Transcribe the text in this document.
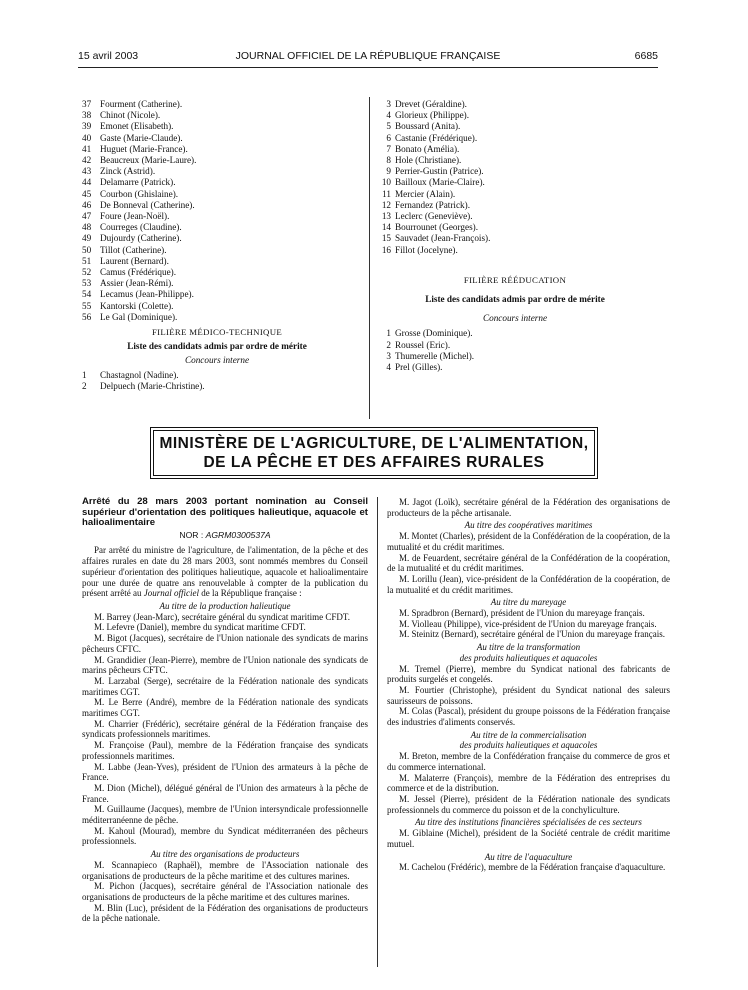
15 avril 2003	JOURNAL OFFICIEL DE LA RÉPUBLIQUE FRANÇAISE	6685
37 Fourment (Catherine).
38 Chinot (Nicole).
39 Emonet (Elisabeth).
40 Gaste (Marie-Claude).
41 Huguet (Marie-France).
42 Beaucreux (Marie-Laure).
43 Zinck (Astrid).
44 Delamarre (Patrick).
45 Courbon (Ghislaine).
46 De Bonneval (Catherine).
47 Foure (Jean-Noël).
48 Courreges (Claudine).
49 Dujourdy (Catherine).
50 Tillot (Catherine).
51 Laurent (Bernard).
52 Camus (Frédérique).
53 Assier (Jean-Rémi).
54 Lecamus (Jean-Philippe).
55 Kantorski (Colette).
56 Le Gal (Dominique).
FILIÈRE MÉDICO-TECHNIQUE
Liste des candidats admis par ordre de mérite
Concours interne
1 Chastagnol (Nadine).
2 Delpuech (Marie-Christine).
3 Drevet (Géraldine).
4 Glorieux (Philippe).
5 Boussard (Anita).
6 Castanie (Frédérique).
7 Bonato (Amélia).
8 Hole (Christiane).
9 Perrier-Gustin (Patrice).
10 Bailloux (Marie-Claire).
11 Mercier (Alain).
12 Fernandez (Patrick).
13 Leclerc (Geneviève).
14 Bourrounet (Georges).
15 Sauvadet (Jean-François).
16 Fillot (Jocelyne).
FILIÈRE RÉÉDUCATION
Liste des candidats admis par ordre de mérite
Concours interne
1 Grosse (Dominique).
2 Roussel (Eric).
3 Thumerelle (Michel).
4 Prel (Gilles).
MINISTÈRE DE L'AGRICULTURE, DE L'ALIMENTATION,
DE LA PÊCHE ET DES AFFAIRES RURALES
Arrêté du 28 mars 2003 portant nomination au Conseil supérieur d'orientation des politiques halieutique, aquacole et halioalimentaire
NOR : AGRM0300537A
Par arrêté du ministre de l'agriculture, de l'alimentation, de la pêche et des affaires rurales en date du 28 mars 2003, sont nommés membres du Conseil supérieur d'orientation des politiques halieutique, aquacole et halioalimentaire pour une durée de quatre ans renouvelable à compter de la publication du présent arrêté au Journal officiel de la République française :
Au titre de la production halieutique
M. Barrey (Jean-Marc), secrétaire général du syndicat maritime CFDT.
M. Lefevre (Daniel), membre du syndicat maritime CFDT.
M. Bigot (Jacques), secrétaire de l'Union nationale des syndicats de marins pêcheurs CFTC.
M. Grandidier (Jean-Pierre), membre de l'Union nationale des syndicats de marins pêcheurs CFTC.
M. Larzabal (Serge), secrétaire de la Fédération nationale des syndicats maritimes CGT.
M. Le Berre (André), membre de la Fédération nationale des syndicats maritimes CGT.
M. Charrier (Frédéric), secrétaire général de la Fédération française des syndicats professionnels maritimes.
M. Françoise (Paul), membre de la Fédération française des syndicats professionnels maritimes.
M. Labbe (Jean-Yves), président de l'Union des armateurs à la pêche de France.
M. Dion (Michel), délégué général de l'Union des armateurs à la pêche de France.
M. Guillaume (Jacques), membre de l'Union intersyndicale professionnelle méditerranéenne de pêche.
M. Kahoul (Mourad), membre du Syndicat méditerranéen des pêcheurs professionnels.
Au titre des organisations de producteurs
M. Scannapieco (Raphaël), membre de l'Association nationale des organisations de producteurs de la pêche maritime et des cultures marines.
M. Pichon (Jacques), secrétaire général de l'Association nationale des organisations de producteurs de la pêche maritime et des cultures marines.
M. Blin (Luc), président de la Fédération des organisations de producteurs de la pêche nationale.
M. Jagot (Loïk), secrétaire général de la Fédération des organisations de producteurs de la pêche artisanale.
Au titre des coopératives maritimes
M. Montet (Charles), président de la Confédération de la coopération, de la mutualité et du crédit maritimes.
M. de Feuardent, secrétaire général de la Confédération de la coopération, de la mutualité et du crédit maritimes.
M. Lorillu (Jean), vice-président de la Confédération de la coopération, de la mutualité et du crédit maritimes.
Au titre du mareyage
M. Spradbron (Bernard), président de l'Union du mareyage français.
M. Violleau (Philippe), vice-président de l'Union du mareyage français.
M. Steinitz (Bernard), secrétaire général de l'Union du mareyage français.
Au titre de la transformation
des produits halieutiques et aquacoles
M. Tremel (Pierre), membre du Syndicat national des fabricants de produits surgelés et congelés.
M. Fourtier (Christophe), président du Syndicat national des saleurs saurisseurs de poissons.
M. Colas (Pascal), président du groupe poissons de la Fédération française des industries d'aliments conservés.
Au titre de la commercialisation
des produits halieutiques et aquacoles
M. Breton, membre de la Confédération française du commerce de gros et du commerce international.
M. Malaterre (François), membre de la Fédération des entreprises du commerce et de la distribution.
M. Jessel (Pierre), président de la Fédération nationale des syndicats professionnels du commerce du poisson et de la conchyliculture.
Au titre des institutions financières spécialisées de ces secteurs
M. Giblaine (Michel), président de la Société centrale de crédit maritime mutuel.
Au titre de l'aquaculture
M. Cachelou (Frédéric), membre de la Fédération française d'aquaculture.
